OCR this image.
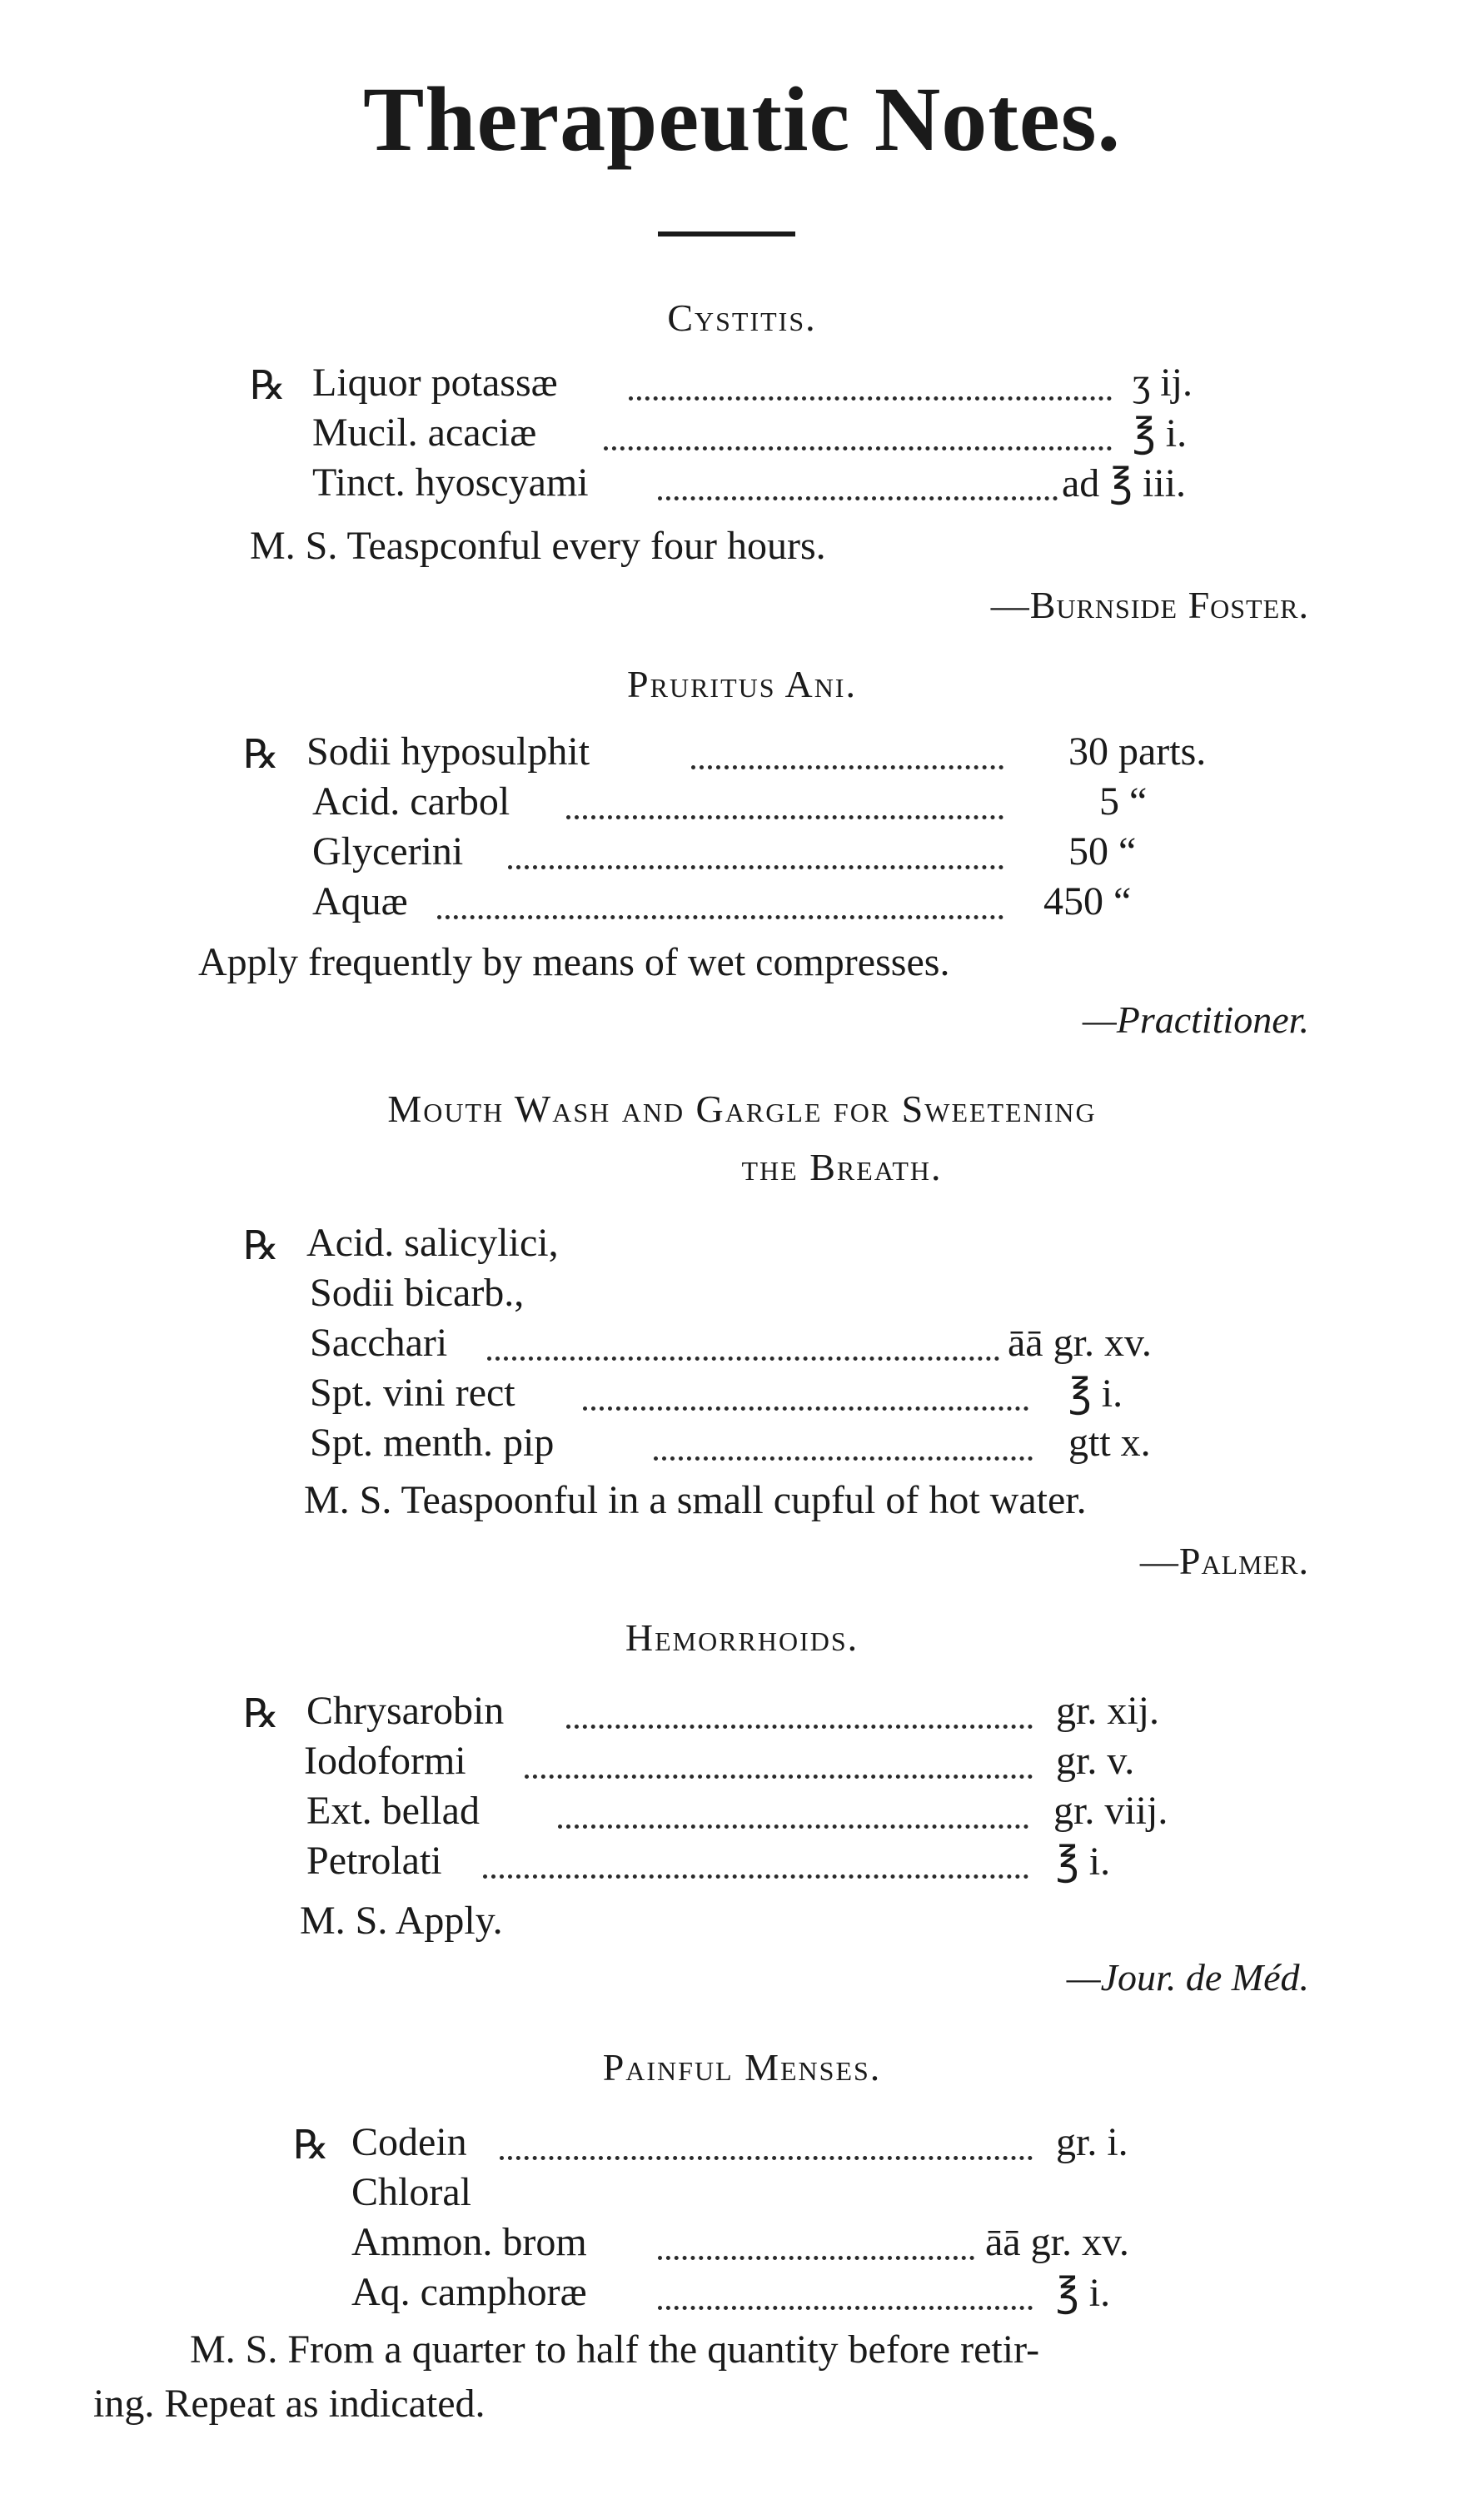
Therapeutic Notes.
Cystitis.
℞ Liquor potassæ	ʒ ij.
Mucil. acaciæ	℥ i.
Tinct. hyoscyami	ad ℥ iii.
M. S. Teaspconful every four hours.
—Burnside Foster.
Pruritus Ani.
℞ Sodii hyposulphit	30 parts.
Acid. carbol	5 “
Glycerini	50 “
Aquæ	450 “
Apply frequently by means of wet compresses.
—Practitioner.
Mouth Wash and Gargle for Sweetening
the Breath.
℞ Acid. salicylici,
Sodii bicarb.,
Sacchari	āā gr. xv.
Spt. vini rect	℥ i.
Spt. menth. pip	gtt x.
M. S. Teaspoonful in a small cupful of hot water.
—Palmer.
Hemorrhoids.
℞ Chrysarobin	gr. xij.
Iodoformi	gr. v.
Ext. bellad	gr. viij.
Petrolati	℥ i.
M. S. Apply.
—Jour. de Méd.
Painful Menses.
℞ Codein	gr. i.
Chloral
Ammon. brom	āā gr. xv.
Aq. camphoræ	℥ i.
M. S. From a quarter to half the quantity before retir-
ing. Repeat as indicated.
